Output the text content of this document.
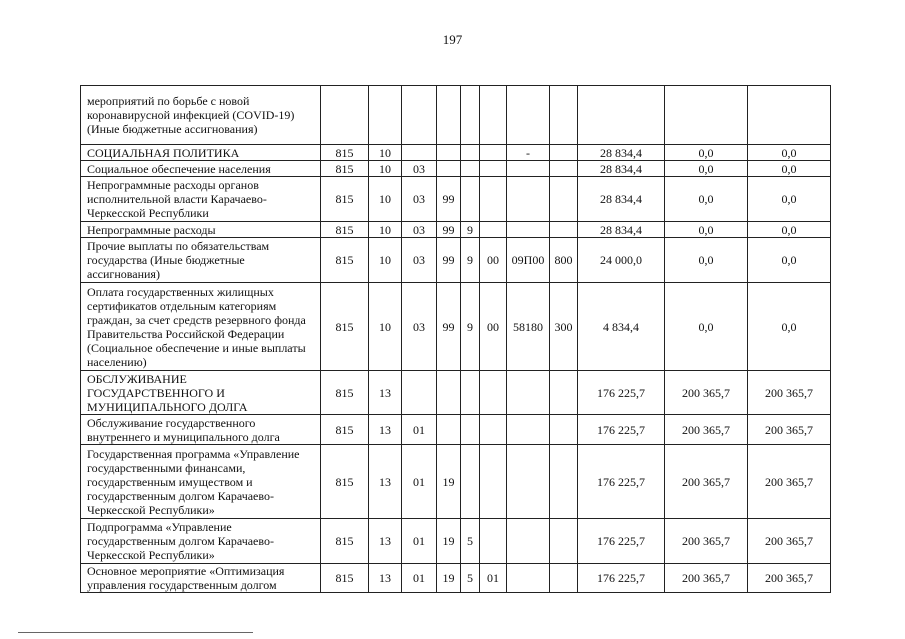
197
мероприятий по борьбе с новой коронавирусной инфекцией (COVID-19) (Иные бюджетные ассигнования)											
СОЦИАЛЬНАЯ ПОЛИТИКА	815	10					-		28 834,4	0,0	0,0
Социальное обеспечение населения	815	10	03						28 834,4	0,0	0,0
Непрограммные расходы органов исполнительной власти Карачаево-Черкесской Республики	815	10	03	99					28 834,4	0,0	0,0
Непрограммные расходы	815	10	03	99	9				28 834,4	0,0	0,0
Прочие выплаты по обязательствам государства (Иные бюджетные ассигнования)	815	10	03	99	9	00	09П00	800	24 000,0	0,0	0,0
Оплата государственных жилищных сертификатов отдельным категориям граждан, за счет средств резервного фонда Правительства Российской Федерации (Социальное обеспечение и иные выплаты населению)	815	10	03	99	9	00	58180	300	4 834,4	0,0	0,0
ОБСЛУЖИВАНИЕ ГОСУДАРСТВЕННОГО И МУНИЦИПАЛЬНОГО ДОЛГА	815	13							176 225,7	200 365,7	200 365,7
Обслуживание государственного внутреннего и муниципального долга	815	13	01						176 225,7	200 365,7	200 365,7
Государственная программа «Управление государственными финансами, государственным имуществом и государственным долгом Карачаево-Черкесской Республики»	815	13	01	19					176 225,7	200 365,7	200 365,7
Подпрограмма «Управление государственным долгом Карачаево-Черкесской Республики»	815	13	01	19	5				176 225,7	200 365,7	200 365,7
Основное мероприятие «Оптимизация управления государственным долгом	815	13	01	19	5	01			176 225,7	200 365,7	200 365,7
